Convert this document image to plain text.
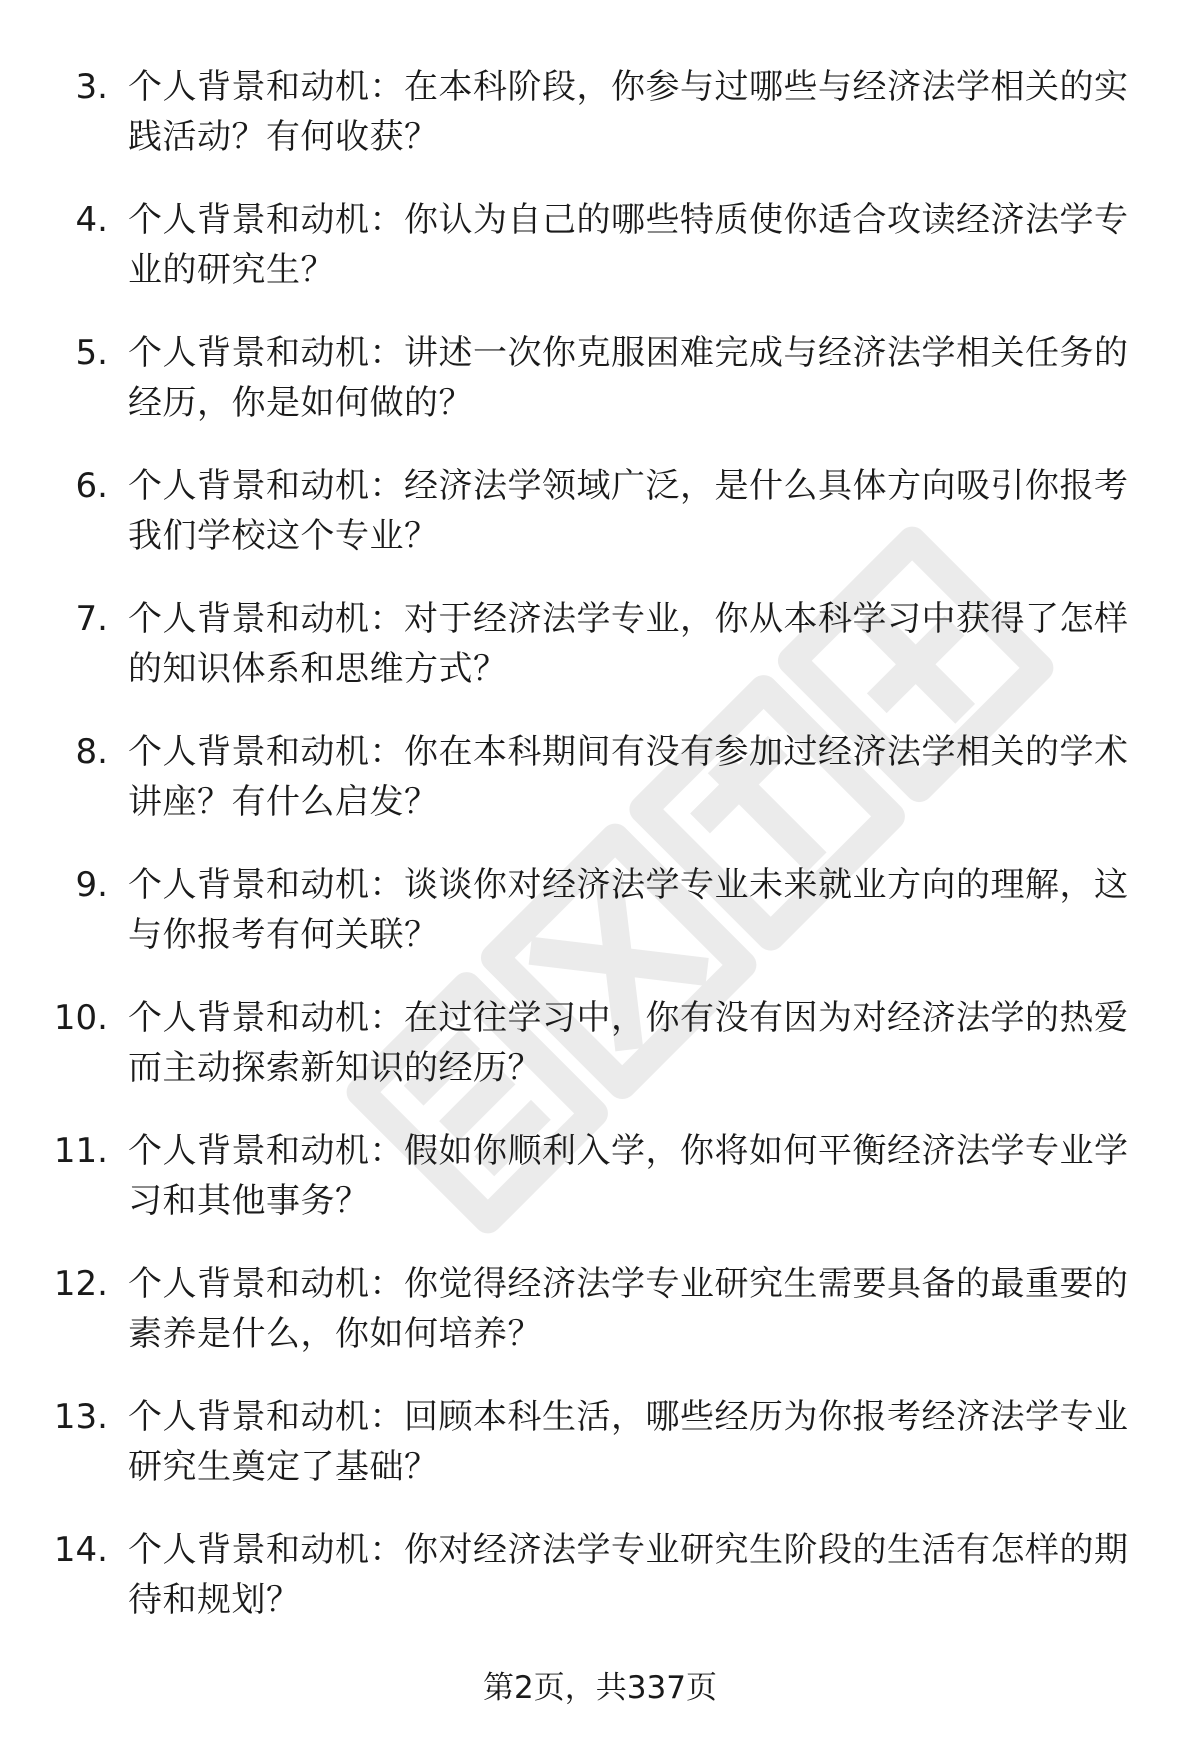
3. 个人背景和动机：在本科阶段，你参与过哪些与经济法学相关的实践活动？有何收获？
4. 个人背景和动机：你认为自己的哪些特质使你适合攻读经济法学专业的研究生？
5. 个人背景和动机：讲述一次你克服困难完成与经济法学相关任务的经历，你是如何做的？
6. 个人背景和动机：经济法学领域广泛，是什么具体方向吸引你报考我们学校这个专业？
7. 个人背景和动机：对于经济法学专业，你从本科学习中获得了怎样的知识体系和思维方式？
8. 个人背景和动机：你在本科期间有没有参加过经济法学相关的学术讲座？有什么启发？
9. 个人背景和动机：谈谈你对经济法学专业未来就业方向的理解，这与你报考有何关联？
10. 个人背景和动机：在过往学习中，你有没有因为对经济法学的热爱而主动探索新知识的经历？
11. 个人背景和动机：假如你顺利入学，你将如何平衡经济法学专业学习和其他事务？
12. 个人背景和动机：你觉得经济法学专业研究生需要具备的最重要的素养是什么，你如何培养？
13. 个人背景和动机：回顾本科生活，哪些经历为你报考经济法学专业研究生奠定了基础？
14. 个人背景和动机：你对经济法学专业研究生阶段的生活有怎样的期待和规划？
第2页，共337页
